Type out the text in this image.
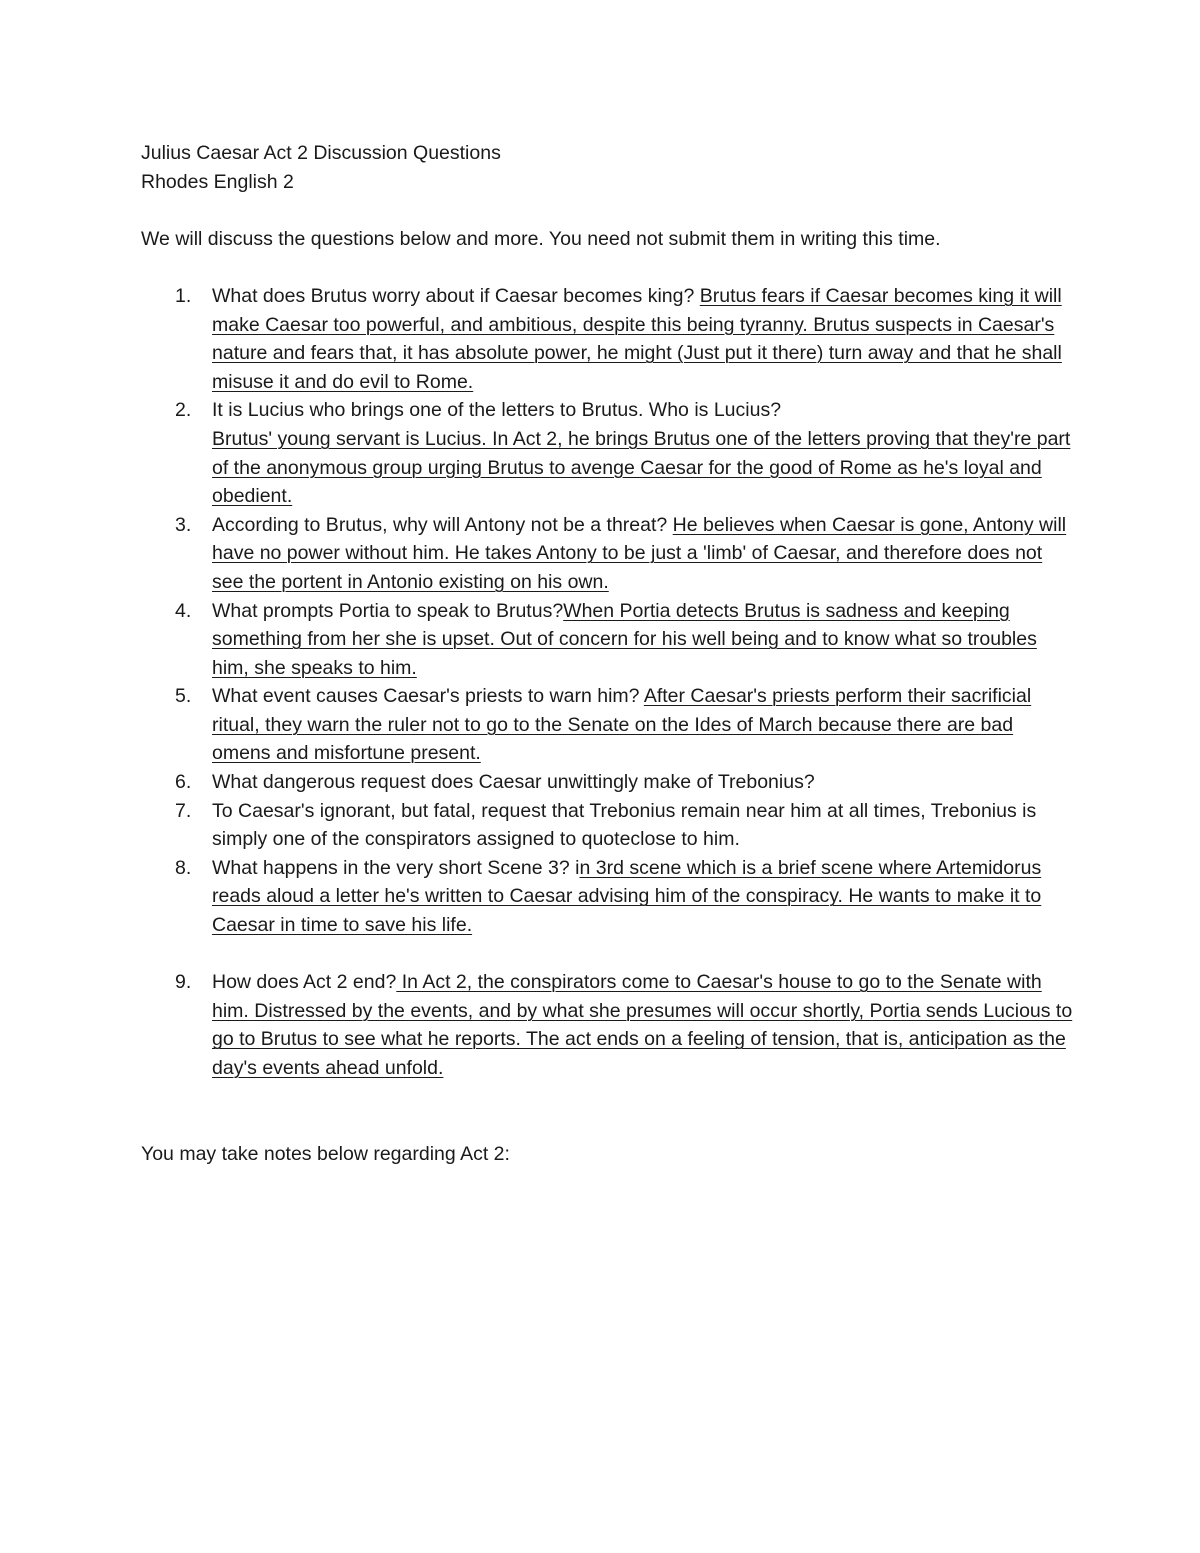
Julius Caesar Act 2 Discussion Questions

Rhodes English 2

We will discuss the questions below and more. You need not submit them in writing this time.

1. What does Brutus worry about if Caesar becomes king? Brutus fears if Caesar becomes king it will make Caesar too powerful, and ambitious, despite this being tyranny. Brutus suspects in Caesar's nature and fears that, it has absolute power, he might (Just put it there) turn away and that he shall misuse it and do evil to Rome.
2. It is Lucius who brings one of the letters to Brutus. Who is Lucius?
Brutus' young servant is Lucius. In Act 2, he brings Brutus one of the letters proving that they're part of the anonymous group urging Brutus to avenge Caesar for the good of Rome as he's loyal and obedient.
3. According to Brutus, why will Antony not be a threat? He believes when Caesar is gone, Antony will have no power without him. He takes Antony to be just a 'limb' of Caesar, and therefore does not see the portent in Antonio existing on his own.
4. What prompts Portia to speak to Brutus?When Portia detects Brutus is sadness and keeping something from her she is upset. Out of concern for his well being and to know what so troubles him, she speaks to him.
5. What event causes Caesar's priests to warn him? After Caesar's priests perform their sacrificial ritual, they warn the ruler not to go to the Senate on the Ides of March because there are bad omens and misfortune present.
6. What dangerous request does Caesar unwittingly make of Trebonius?
7. To Caesar's ignorant, but fatal, request that Trebonius remain near him at all times, Trebonius is simply one of the conspirators assigned to quoteclose to him.
8. What happens in the very short Scene 3? in 3rd scene which is a brief scene where Artemidorus reads aloud a letter he's written to Caesar advising him of the conspiracy. He wants to make it to Caesar in time to save his life.
9. How does Act 2 end? In Act 2, the conspirators come to Caesar's house to go to the Senate with him. Distressed by the events, and by what she presumes will occur shortly, Portia sends Lucious to go to Brutus to see what he reports. The act ends on a feeling of tension, that is, anticipation as the day's events ahead unfold.

You may take notes below regarding Act 2:
